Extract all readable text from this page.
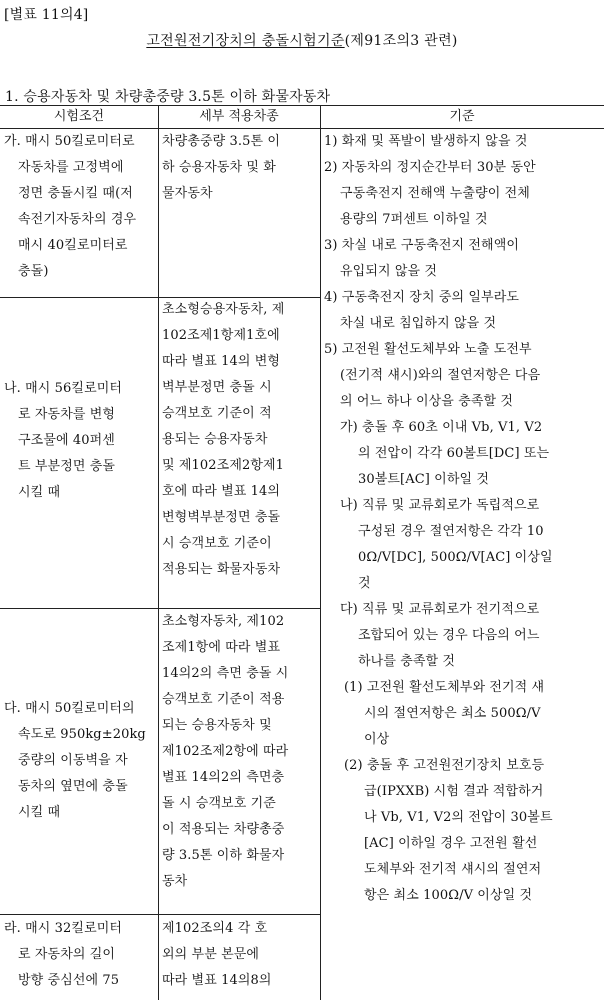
[별표 11의4]
고전원전기장치의 충돌시험기준(제91조의3 관련)
1. 승용자동차 및 차량총중량 3.5톤 이하 화물자동차
시험조건	세부 적용차종	기준

가. 매시 50킬로미터로

자동차를 고정벽에

정면 충돌시킬 때(저

속전기자동차의 경우

매시 40킬로미터로

충돌)

차량총중량 3.5톤 이

하 승용자동차 및 화

물자동차

나. 매시 56킬로미터

로 자동차를 변형

구조물에 40퍼센

트 부분정면 충돌

시킬 때

초소형승용자동차, 제

102조제1항제1호에

따라 별표 14의 변형

벽부분정면 충돌 시

승객보호 기준이 적

용되는 승용자동차

및 제102조제2항제1

호에 따라 별표 14의

변형벽부분정면 충돌

시 승객보호 기준이

적용되는 화물자동차

다. 매시 50킬로미터의

속도로 950kg±20kg

중량의 이동벽을 자

동차의 옆면에 충돌

시킬 때

초소형자동차, 제102

조제1항에 따라 별표

14의2의 측면 충돌 시

승객보호 기준이 적용

되는 승용자동차 및

제102조제2항에 따라

별표 14의2의 측면충

돌 시 승객보호 기준

이 적용되는 차량총중

량 3.5톤 이하 화물자

동차

라. 매시 32킬로미터

로 자동차의 길이

방향 중심선에 75

제102조의4 각 호

외의 부분 본문에

따라 별표 14의8의

1) 화재 및 폭발이 발생하지 않을 것

2) 자동차의 정지순간부터 30분 동안

구동축전지 전해액 누출량이 전체

용량의 7퍼센트 이하일 것

3) 차실 내로 구동축전지 전해액이

유입되지 않을 것

4) 구동축전지 장치 중의 일부라도

차실 내로 침입하지 않을 것

5) 고전원 활선도체부와 노출 도전부

(전기적 섀시)와의 절연저항은 다음

의 어느 하나 이상을 충족할 것

가) 충돌 후 60초 이내 Vb, V1, V2

의 전압이 각각 60볼트[DC] 또는

30볼트[AC] 이하일 것

나) 직류 및 교류회로가 독립적으로

구성된 경우 절연저항은 각각 10

0Ω/V[DC], 500Ω/V[AC] 이상일

것

다) 직류 및 교류회로가 전기적으로

조합되어 있는 경우 다음의 어느

하나를 충족할 것

(1) 고전원 활선도체부와 전기적 섀

시의 절연저항은 최소 500Ω/V

이상

(2) 충돌 후 고전원전기장치 보호등

급(IPXXB) 시험 결과 적합하거

나 Vb, V1, V2의 전압이 30볼트

[AC] 이하일 경우 고전원 활선

도체부와 전기적 섀시의 절연저

항은 최소 100Ω/V 이상일 것
